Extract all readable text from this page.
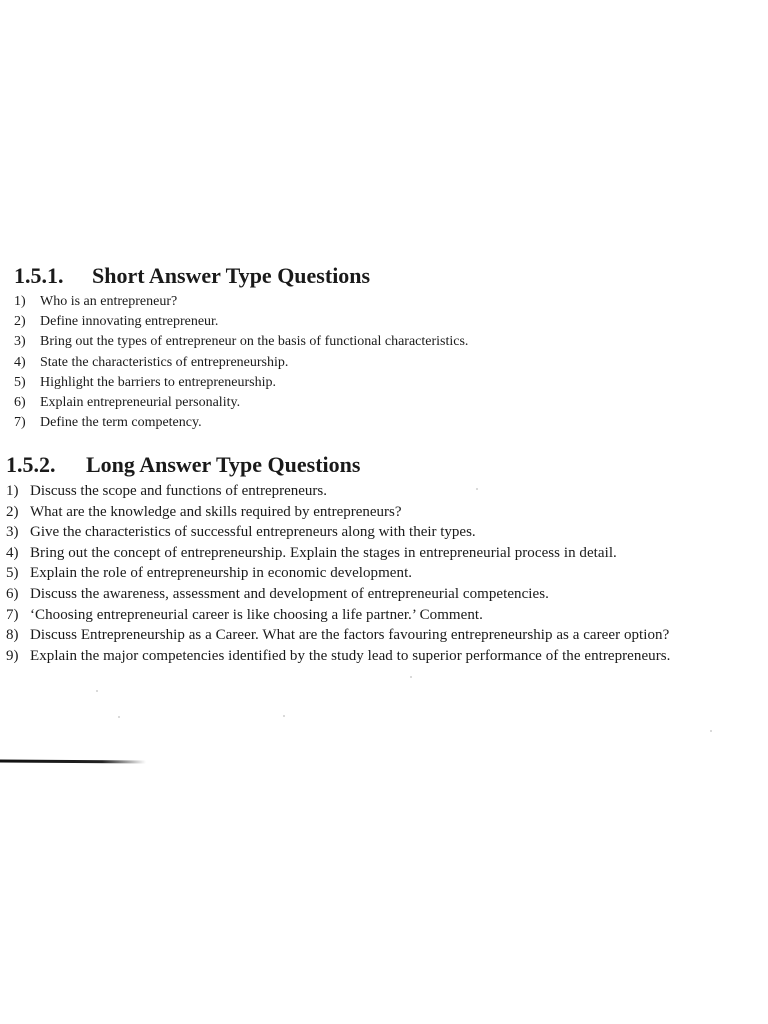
1.5.1.	Short Answer Type Questions
1)	Who is an entrepreneur?
2)	Define innovating entrepreneur.
3)	Bring out the types of entrepreneur on the basis of functional characteristics.
4)	State the characteristics of entrepreneurship.
5)	Highlight the barriers to entrepreneurship.
6)	Explain entrepreneurial personality.
7)	Define the term competency.
1.5.2.	Long Answer Type Questions
1) Discuss the scope and functions of entrepreneurs.
2) What are the knowledge and skills required by entrepreneurs?
3) Give the characteristics of successful entrepreneurs along with their types.
4) Bring out the concept of entrepreneurship. Explain the stages in entrepreneurial process in detail.
5) Explain the role of entrepreneurship in economic development.
6) Discuss the awareness, assessment and development of entrepreneurial competencies.
7) ‘Choosing entrepreneurial career is like choosing a life partner.’ Comment.
8) Discuss Entrepreneurship as a Career. What are the factors favouring entrepreneurship as a career option?
9) Explain the major competencies identified by the study lead to superior performance of the entrepreneurs.
